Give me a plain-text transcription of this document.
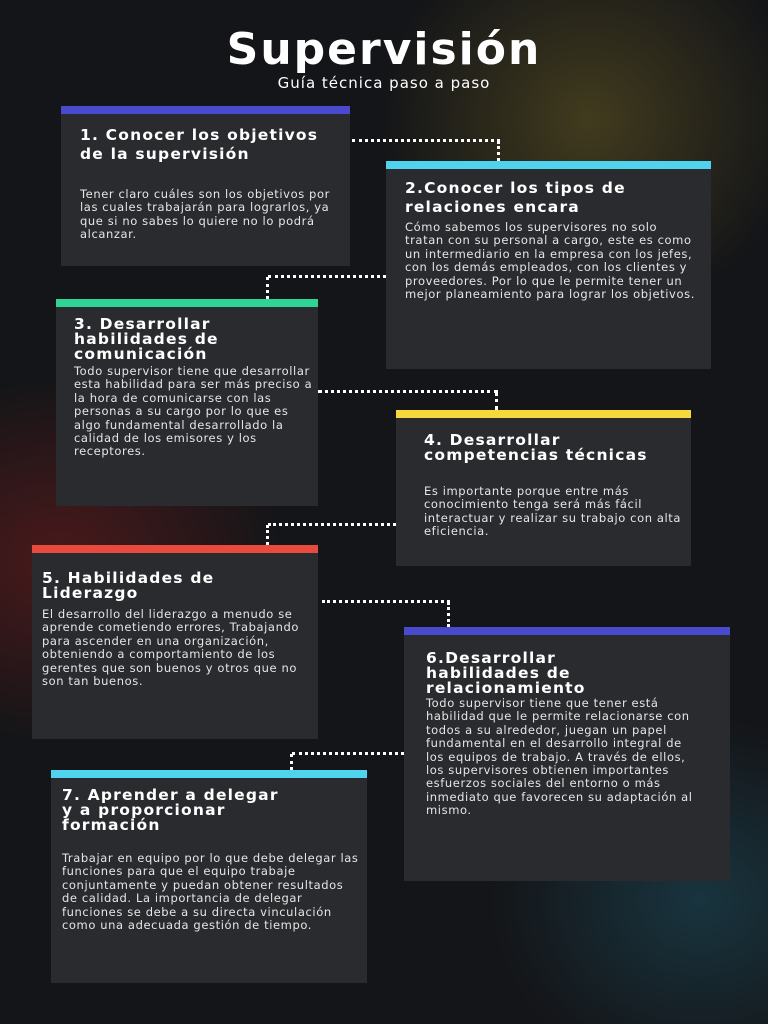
Supervisión
Guía técnica paso a paso
1. Conocer los objetivos de la supervisión

Tener claro cuáles son los objetivos por las cuales trabajarán para lograrlos, ya que si no sabes lo quiere no lo podrá alcanzar.

2.Conocer los tipos de relaciones encara

Cómo sabemos los supervisores no solo tratan con su personal a cargo, este es como un intermediario en la empresa con los jefes, con los demás empleados, con los clientes y proveedores. Por lo que le permite tener un mejor planeamiento para lograr los objetivos.

3. Desarrollar habilidades de comunicación

Todo supervisor tiene que desarrollar esta habilidad para ser más preciso a la hora de comunicarse con las personas a su cargo por lo que es algo fundamental desarrollado la calidad de los emisores y los receptores.

4. Desarrollar competencias técnicas

Es importante porque entre más conocimiento tenga será más fácil interactuar y realizar su trabajo con alta eficiencia.

5. Habilidades de Liderazgo

El desarrollo del liderazgo a menudo se aprende cometiendo errores, Trabajando para ascender en una organización, obteniendo a comportamiento de los gerentes que son buenos y otros que no son tan buenos.

6.Desarrollar habilidades de relacionamiento

Todo supervisor tiene que tener está habilidad que le permite relacionarse con todos a su alrededor, juegan un papel fundamental en el desarrollo integral de los equipos de trabajo. A través de ellos, los supervisores obtienen importantes esfuerzos sociales del entorno o más inmediato que favorecen su adaptación al mismo.

7. Aprender a delegar y a proporcionar formación

Trabajar en equipo por lo que debe delegar las funciones para que el equipo trabaje conjuntamente y puedan obtener resultados de calidad. La importancia de delegar funciones se debe a su directa vinculación como una adecuada gestión de tiempo.
